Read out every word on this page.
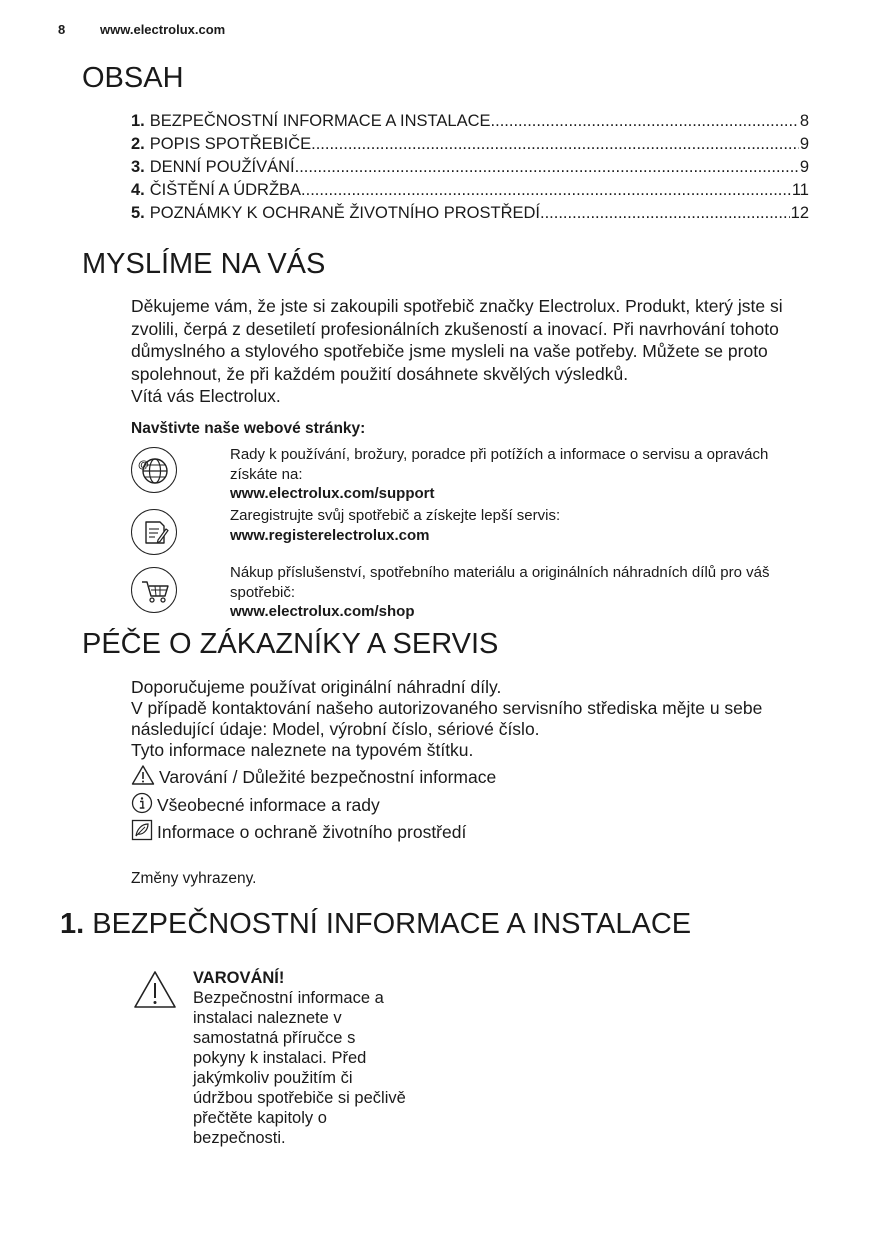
8	www.electrolux.com
OBSAH
1. BEZPEČNOSTNÍ INFORMACE A INSTALACE .....	8
2. POPIS SPOTŘEBIČE .....	9
3. DENNÍ POUŽÍVÁNÍ .....	9
4. ČIŠTĚNÍ A ÚDRŽBA .....	11
5. POZNÁMKY K OCHRANĚ ŽIVOTNÍHO PROSTŘEDÍ .....	12
MYSLÍME NA VÁS

Děkujeme vám, že jste si zakoupili spotřebič značky Electrolux. Produkt, který jste si zvolili, čerpá z desetiletí profesionálních zkušeností a inovací. Při navrhování tohoto důmyslného a stylového spotřebiče jsme mysleli na vaše potřeby. Můžete se proto spolehnout, že při každém použití dosáhnete skvělých výsledků.

Vítá vás Electrolux.

Navštivte naše webové stránky:
@
Rady k používání, brožury, poradce při potížích a informace o servisu a opravách získáte na:
www.electrolux.com/support
Zaregistrujte svůj spotřebič a získejte lepší servis:
www.registerelectrolux.com
Nákup příslušenství, spotřebního materiálu a originálních náhradních dílů pro váš spotřebič:
www.electrolux.com/shop
PÉČE O ZÁKAZNÍKY A SERVIS

Doporučujeme používat originální náhradní díly.

V případě kontaktování našeho autorizovaného servisního střediska mějte u sebe následující údaje: Model, výrobní číslo, sériové číslo.

Tyto informace naleznete na typovém štítku.

Varování / Důležité bezpečnostní informace
Všeobecné informace a rady
Informace o ochraně životního prostředí
Změny vyhrazeny.
1. BEZPEČNOSTNÍ INFORMACE A INSTALACE
VAROVÁNÍ!
Bezpečnostní informace a instalaci naleznete v samostatná příručce s pokyny k instalaci. Před jakýmkoliv použitím či údržbou spotřebiče si pečlivě přečtěte kapitoly o bezpečnosti.
